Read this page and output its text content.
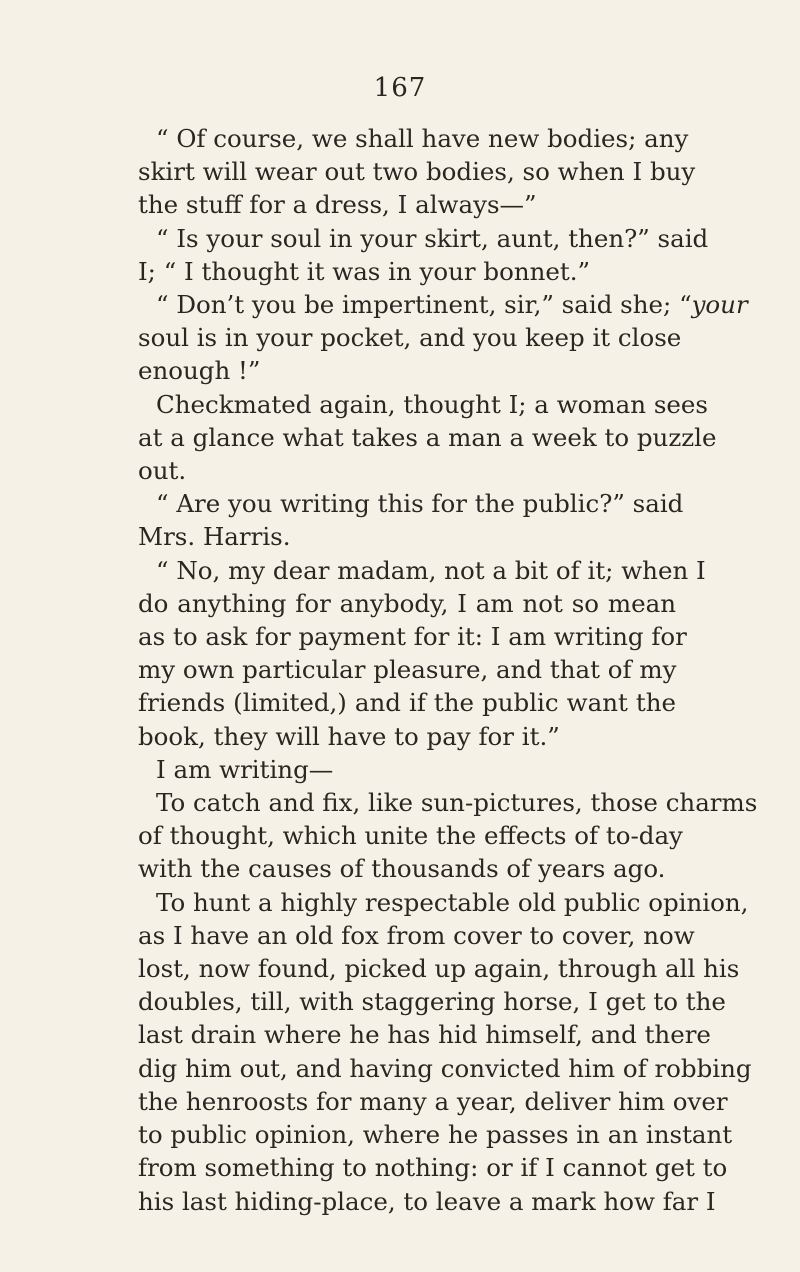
167
“ Of course, we shall have new bodies; any
skirt will wear out two bodies, so when I buy
the stuff for a dress, I always—”
“ Is your soul in your skirt, aunt, then?” said
I; “ I thought it was in your bonnet.”
“ Don’t you be impertinent, sir,” said she; “your
soul is in your pocket, and you keep it close
enough !”
Checkmated again, thought I; a woman sees
at a glance what takes a man a week to puzzle
out.
“ Are you writing this for the public?” said
Mrs. Harris.
“ No, my dear madam, not a bit of it; when I
do anything for anybody, I am not so mean
as to ask for payment for it: I am writing for
my own particular pleasure, and that of my
friends (limited,) and if the public want the
book, they will have to pay for it.”
I am writing—
To catch and fix, like sun-pictures, those charms
of thought, which unite the effects of to-day
with the causes of thousands of years ago.
To hunt a highly respectable old public opinion,
as I have an old fox from cover to cover, now
lost, now found, picked up again, through all his
doubles, till, with staggering horse, I get to the
last drain where he has hid himself, and there
dig him out, and having convicted him of robbing
the henroosts for many a year, deliver him over
to public opinion, where he passes in an instant
from something to nothing: or if I cannot get to
his last hiding-place, to leave a mark how far I
